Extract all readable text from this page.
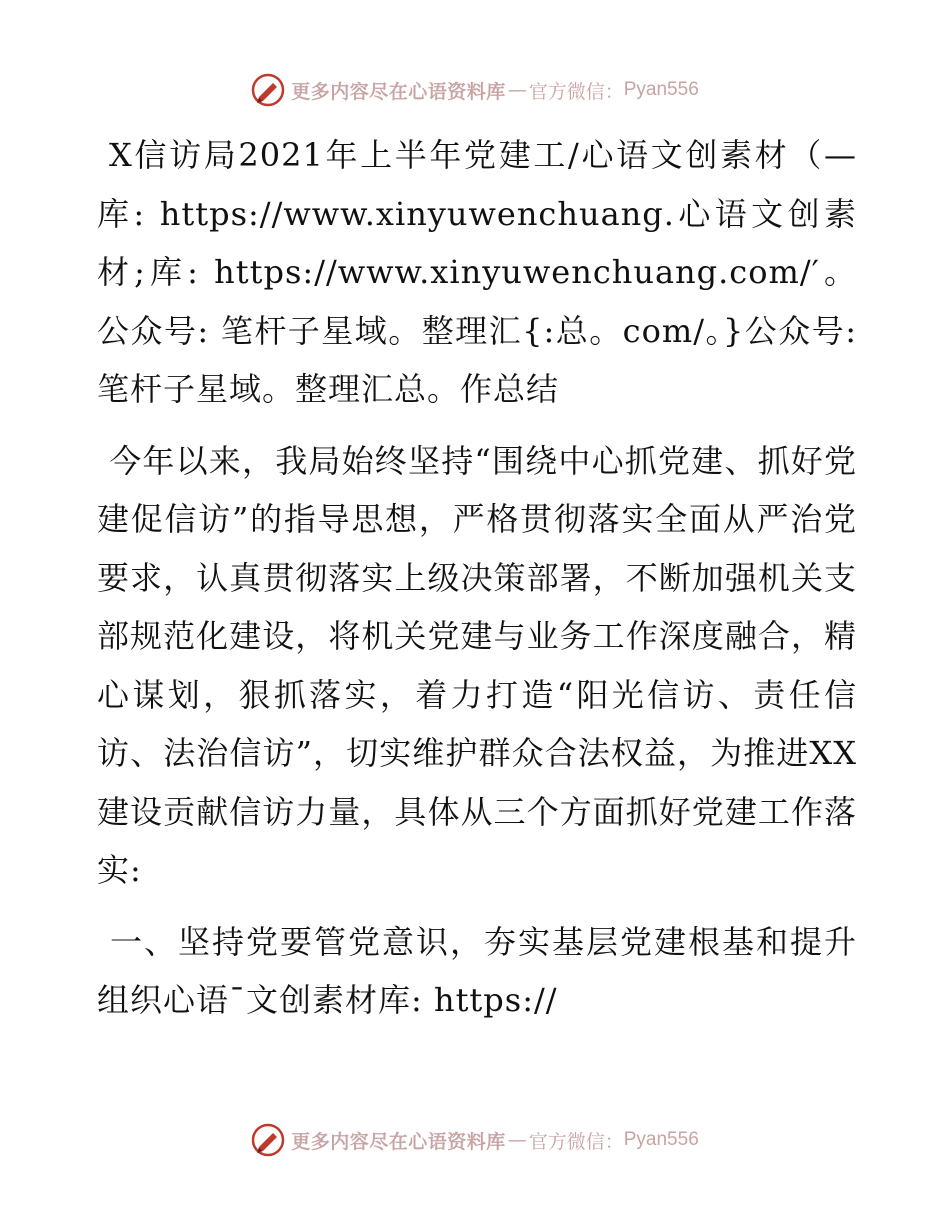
更多内容尽在心语资料库 — 官方微信： Pyan556

X信访局2021年上半年党建工/心语文创素材（—库: https://www.xinyuwenchuang.心语文创素材;库: https://www.xinyuwenchuang.com/′。公众号: 笔杆子星域。整理汇{:总。com/。}公众号:笔杆子星域。整理汇总。作总结

今年以来，我局始终坚持“围绕中心抓党建、抓好党建促信访”的指导思想，严格贯彻落实全面从严治党要求，认真贯彻落实上级决策部署，不断加强机关支部规范化建设，将机关党建与业务工作深度融合，精心谋划，狠抓落实，着力打造“阳光信访、责任信访、法治信访”，切实维护群众合法权益，为推进XX建设贡献信访力量，具体从三个方面抓好党建工作落实:

一、坚持党要管党意识，夯实基层党建根基和提升组织心语¯文创素材库: https://

更多内容尽在心语资料库 — 官方微信： Pyan556
